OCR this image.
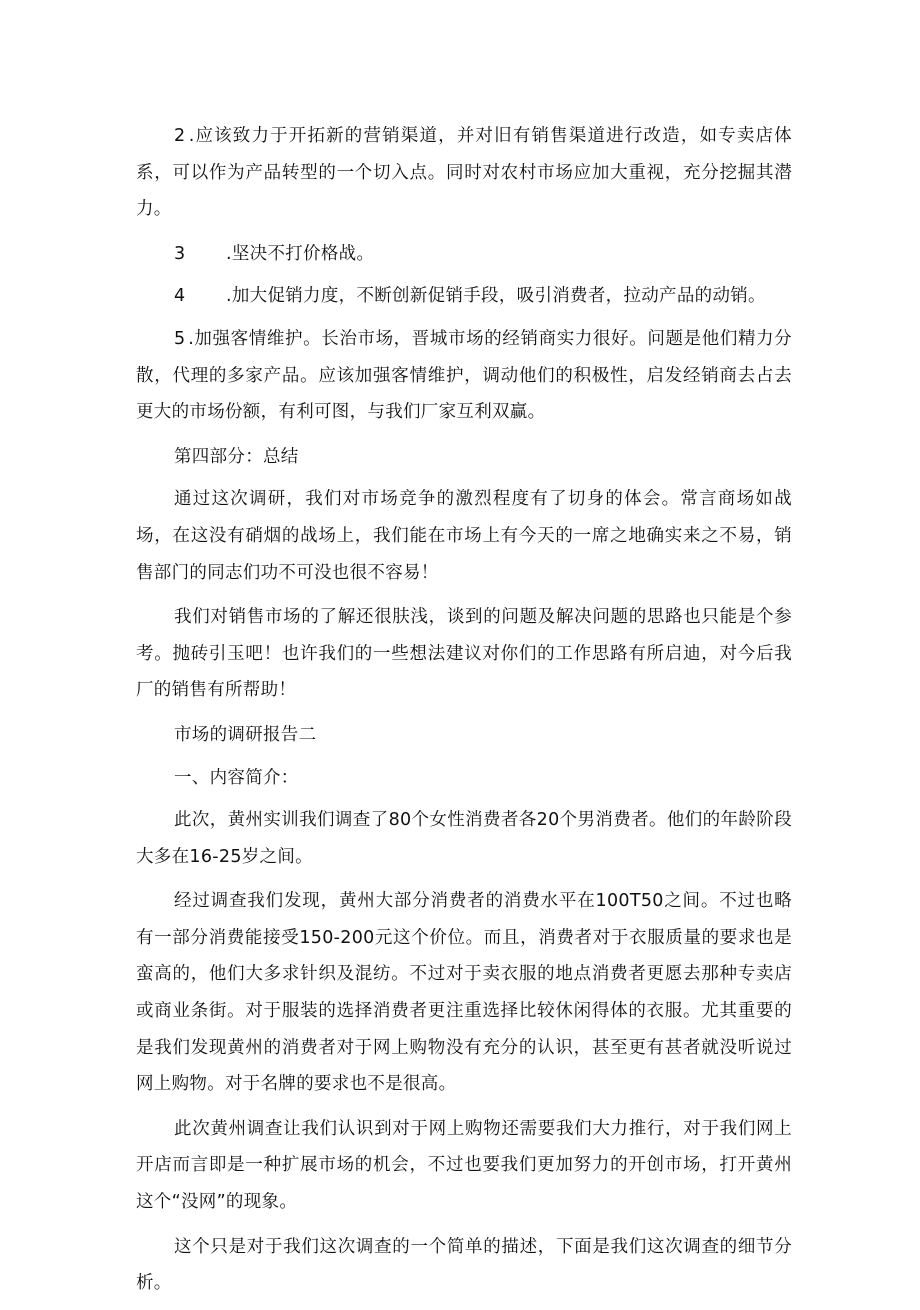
2 .应该致力于开拓新的营销渠道，并对旧有销售渠道进行改造，如专卖店体系，可以作为产品转型的一个切入点。同时对农村市场应加大重视，充分挖掘其潜力。

3 .坚决不打价格战。

4 .加大促销力度，不断创新促销手段，吸引消费者，拉动产品的动销。

5 .加强客情维护。长治市场，晋城市场的经销商实力很好。问题是他们精力分散，代理的多家产品。应该加强客情维护，调动他们的积极性，启发经销商去占去更大的市场份额，有利可图，与我们厂家互利双赢。

第四部分：总结

通过这次调研，我们对市场竞争的激烈程度有了切身的体会。常言商场如战场，在这没有硝烟的战场上，我们能在市场上有今天的一席之地确实来之不易，销售部门的同志们功不可没也很不容易！

我们对销售市场的了解还很肤浅，谈到的问题及解决问题的思路也只能是个参考。抛砖引玉吧！也许我们的一些想法建议对你们的工作思路有所启迪，对今后我厂的销售有所帮助！

市场的调研报告二

一、内容简介：

此次，黄州实训我们调查了80个女性消费者各20个男消费者。他们的年龄阶段大多在16-25岁之间。

经过调查我们发现，黄州大部分消费者的消费水平在100T50之间。不过也略有一部分消费能接受150-200元这个价位。而且，消费者对于衣服质量的要求也是蛮高的，他们大多求针织及混纺。不过对于卖衣服的地点消费者更愿去那种专卖店或商业条街。对于服装的选择消费者更注重选择比较休闲得体的衣服。尤其重要的是我们发现黄州的消费者对于网上购物没有充分的认识，甚至更有甚者就没听说过网上购物。对于名牌的要求也不是很高。

此次黄州调查让我们认识到对于网上购物还需要我们大力推行，对于我们网上开店而言即是一种扩展市场的机会，不过也要我们更加努力的开创市场，打开黄州这个“没网”的现象。

这个只是对于我们这次调查的一个简单的描述，下面是我们这次调查的细节分析。
